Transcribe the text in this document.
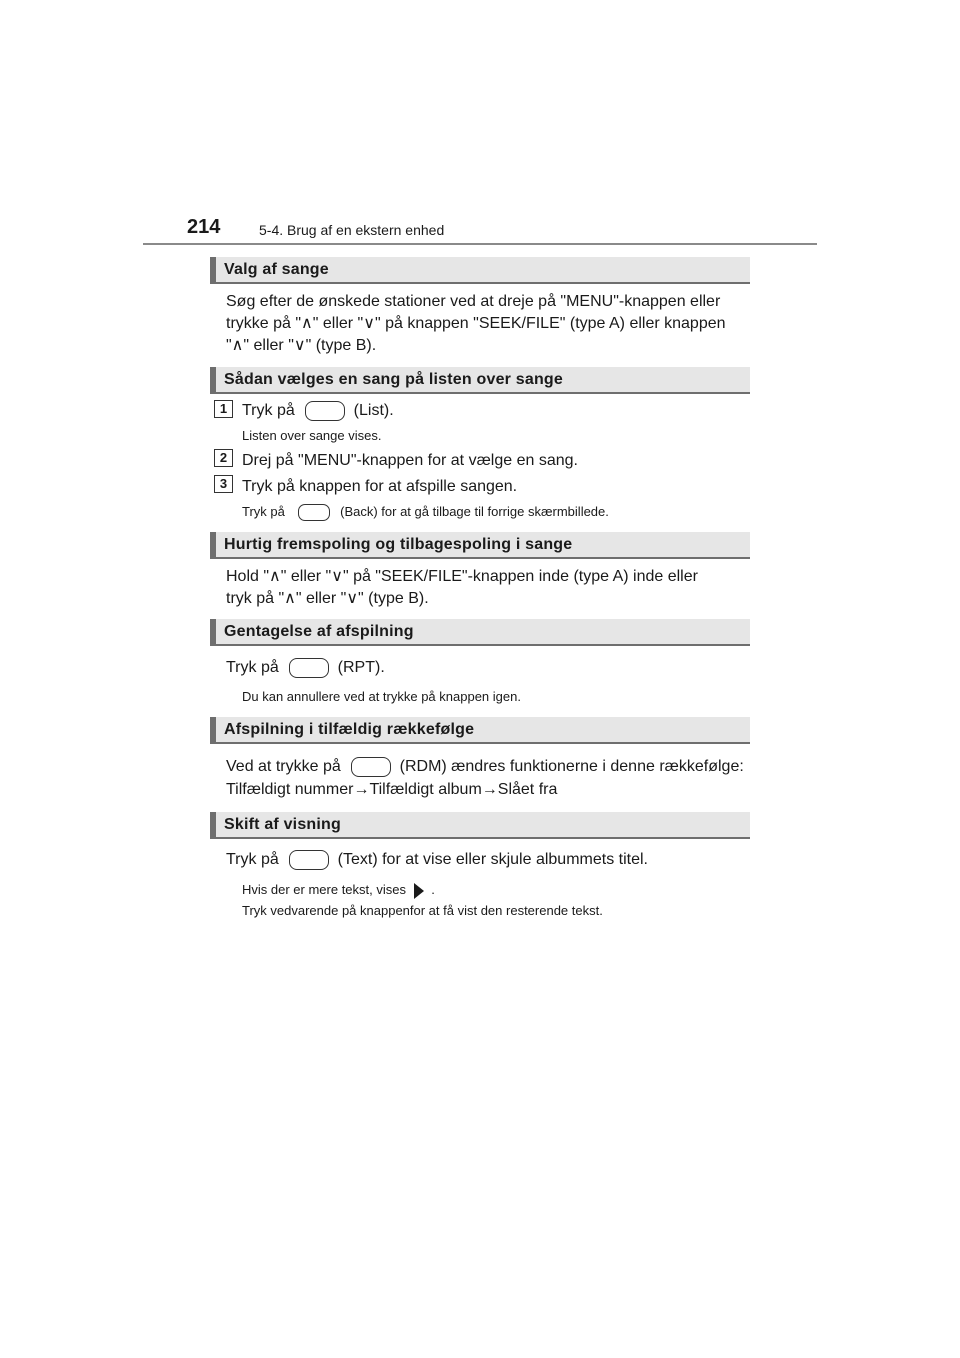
214	5-4. Brug af en ekstern enhed
Valg af sange
Søg efter de ønskede stationer ved at dreje på "MENU"-knappen eller
trykke på "∧" eller "∨" på knappen "SEEK/FILE" (type A) eller knappen
"∧" eller "∨" (type B).
Sådan vælges en sang på listen over sange
1 Tryk på	(List).
Listen over sange vises.
2 Drej på "MENU"-knappen for at vælge en sang.
3 Tryk på knappen for at afspille sangen.
Tryk på	(Back) for at gå tilbage til forrige skærmbillede.
Hurtig fremspoling og tilbagespoling i sange
Hold "∧" eller "∨" på "SEEK/FILE"-knappen inde (type A) inde eller
tryk på "∧" eller "∨" (type B).
Gentagelse af afspilning
Tryk på	(RPT).
Du kan annullere ved at trykke på knappen igen.
Afspilning i tilfældig rækkefølge
Ved at trykke på	(RDM) ændres funktionerne i denne rækkefølge:
Tilfældigt nummer→Tilfældigt album→Slået fra
Skift af visning
Tryk på	(Text) for at vise eller skjule albummets titel.
Hvis der er mere tekst, vises .
Tryk vedvarende på knappenfor at få vist den resterende tekst.
